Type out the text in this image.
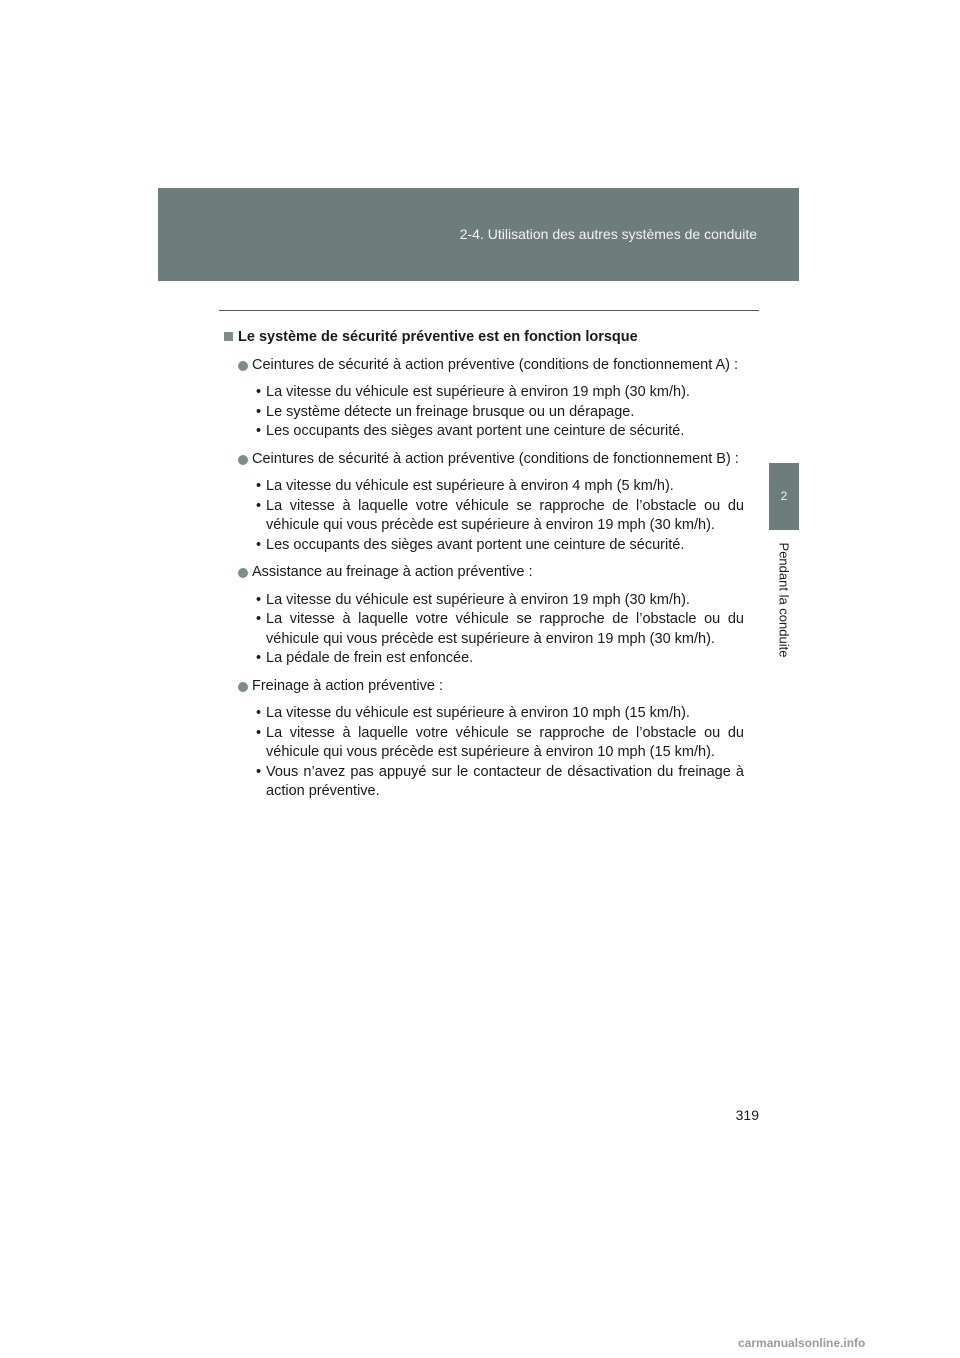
2-4. Utilisation des autres systèmes de conduite
2
Pendant la conduite
Le système de sécurité préventive est en fonction lorsque
Ceintures de sécurité à action préventive (conditions de fonctionnement A) :
• La vitesse du véhicule est supérieure à environ 19 mph (30 km/h).
• Le système détecte un freinage brusque ou un dérapage.
• Les occupants des sièges avant portent une ceinture de sécurité.
Ceintures de sécurité à action préventive (conditions de fonctionnement B) :
• La vitesse du véhicule est supérieure à environ 4 mph (5 km/h).
• La vitesse à laquelle votre véhicule se rapproche de l’obstacle ou du véhicule qui vous précède est supérieure à environ 19 mph (30 km/h).
• Les occupants des sièges avant portent une ceinture de sécurité.
Assistance au freinage à action préventive :
• La vitesse du véhicule est supérieure à environ 19 mph (30 km/h).
• La vitesse à laquelle votre véhicule se rapproche de l’obstacle ou du véhicule qui vous précède est supérieure à environ 19 mph (30 km/h).
• La pédale de frein est enfoncée.
Freinage à action préventive :
• La vitesse du véhicule est supérieure à environ 10 mph (15 km/h).
• La vitesse à laquelle votre véhicule se rapproche de l’obstacle ou du véhicule qui vous précède est supérieure à environ 10 mph (15 km/h).
• Vous n’avez pas appuyé sur le contacteur de désactivation du freinage à action préventive.
319
carmanualsonline.info
